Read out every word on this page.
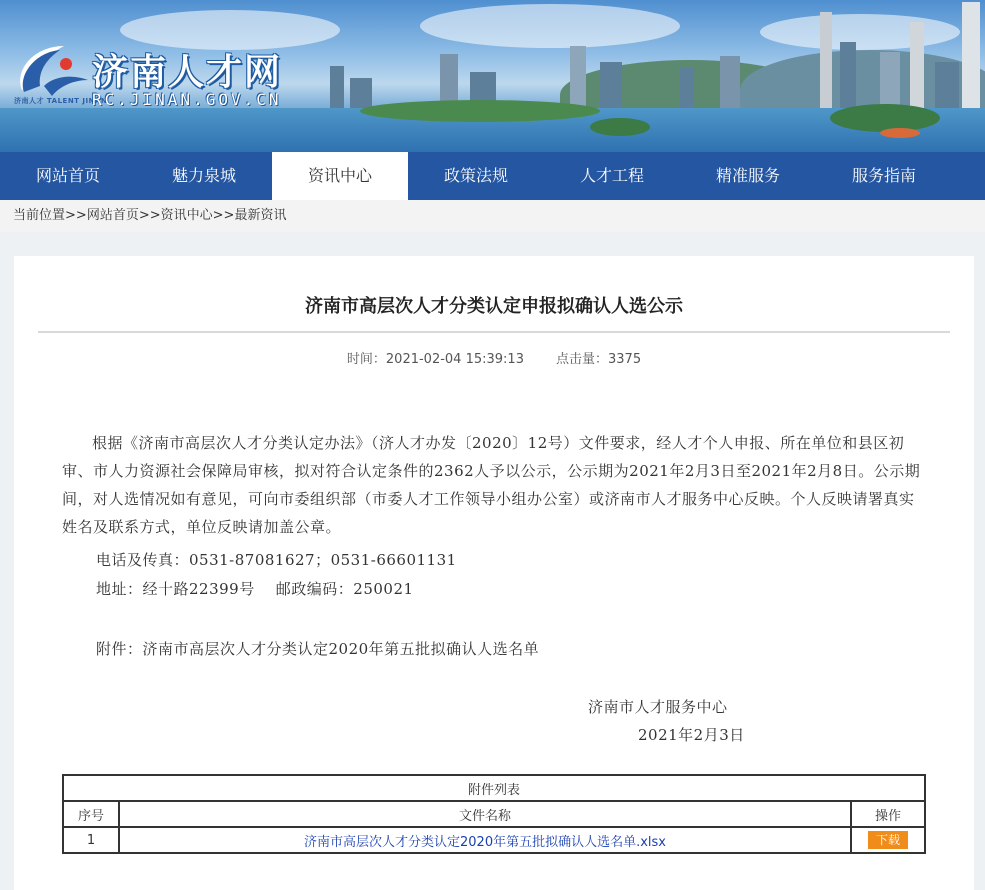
济南人才 TALENT JINAN
济南人才网
RC.JINAN.GOV.CN
网站首页	魅力泉城	资讯中心	政策法规	人才工程	精准服务	服务指南
当前位置>>网站首页>>资讯中心>>最新资讯
济南市高层次人才分类认定申报拟确认人选公示
时间：2021-02-04 15:39:13 点击量：3375

根据《济南市高层次人才分类认定办法》（济人才办发〔2020〕12号）文件要求，经人才个人申报、所在单位和县区初审、市人力资源社会保障局审核，拟对符合认定条件的2362人予以公示，公示期为2021年2月3日至2021年2月8日。公示期间，对人选情况如有意见，可向市委组织部（市委人才工作领导小组办公室）或济南市人才服务中心反映。个人反映请署真实姓名及联系方式，单位反映请加盖公章。

电话及传真：0531-87081627；0531-66601131
地址：经十路22399号    邮政编码：250021
附件：济南市高层次人才分类认定2020年第五批拟确认人选名单
济南市人才服务中心
2021年2月3日
附件列表		
序号	文件名称	操作
1	济南市高层次人才分类认定2020年第五批拟确认人选名单.xlsx	下载
